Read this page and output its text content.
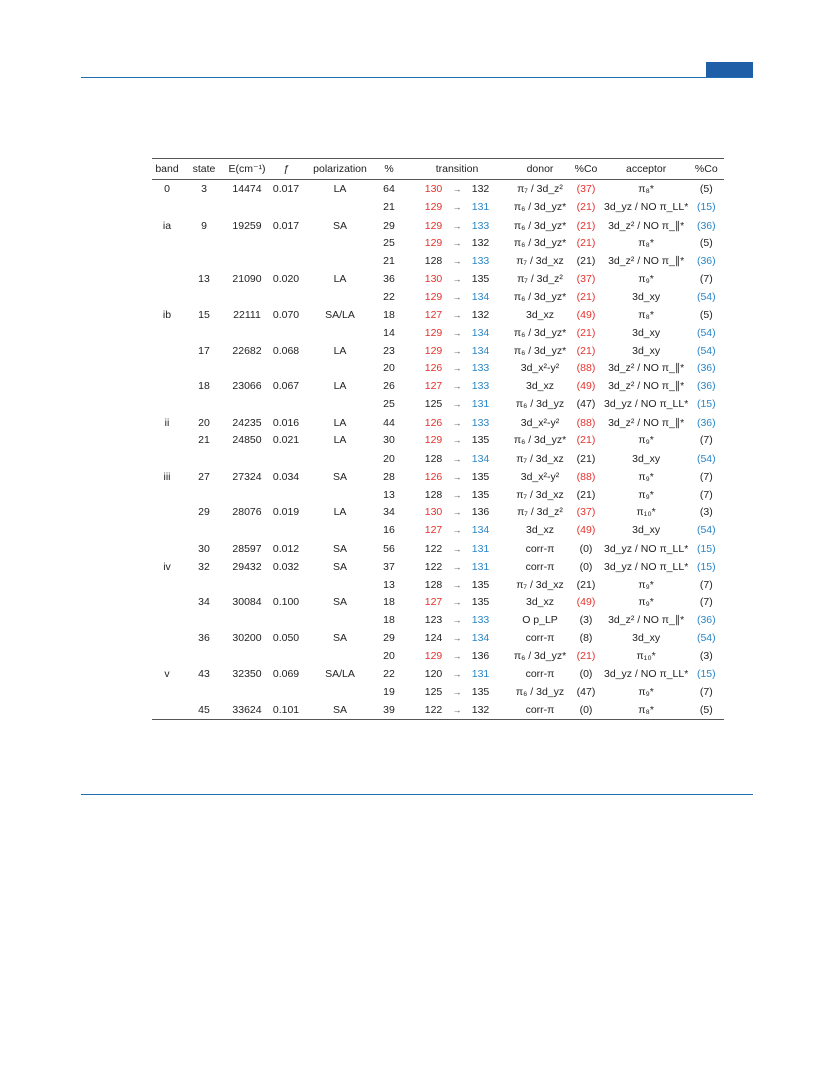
band	state	E(cm⁻¹)	ƒ	polarization	%	transition	donor	%Co	acceptor	%Co
0	3	14474	0.017	LA	64	130 → 132	π₇ / 3d_z²	(37)	π₈*	(5)
					21	129 → 131	π₆ / 3d_yz*	(21)	3d_yz / NO π_LL*	(15)
ia	9	19259	0.017	SA	29	129 → 133	π₆ / 3d_yz*	(21)	3d_z² / NO π_∥*	(36)
					25	129 → 132	π₆ / 3d_yz*	(21)	π₈*	(5)
					21	128 → 133	π₇ / 3d_xz	(21)	3d_z² / NO π_∥*	(36)
	13	21090	0.020	LA	36	130 → 135	π₇ / 3d_z²	(37)	π₉*	(7)
					22	129 → 134	π₆ / 3d_yz*	(21)	3d_xy	(54)
ib	15	22111	0.070	SA/LA	18	127 → 132	3d_xz	(49)	π₈*	(5)
					14	129 → 134	π₆ / 3d_yz*	(21)	3d_xy	(54)
	17	22682	0.068	LA	23	129 → 134	π₆ / 3d_yz*	(21)	3d_xy	(54)
					20	126 → 133	3d_x²-y²	(88)	3d_z² / NO π_∥*	(36)
	18	23066	0.067	LA	26	127 → 133	3d_xz	(49)	3d_z² / NO π_∥*	(36)
					25	125 → 131	π₆ / 3d_yz	(47)	3d_yz / NO π_LL*	(15)
ii	20	24235	0.016	LA	44	126 → 133	3d_x²-y²	(88)	3d_z² / NO π_∥*	(36)
	21	24850	0.021	LA	30	129 → 135	π₆ / 3d_yz*	(21)	π₉*	(7)
					20	128 → 134	π₇ / 3d_xz	(21)	3d_xy	(54)
iii	27	27324	0.034	SA	28	126 → 135	3d_x²-y²	(88)	π₉*	(7)
					13	128 → 135	π₇ / 3d_xz	(21)	π₉*	(7)
	29	28076	0.019	LA	34	130 → 136	π₇ / 3d_z²	(37)	π₁₀*	(3)
					16	127 → 134	3d_xz	(49)	3d_xy	(54)
	30	28597	0.012	SA	56	122 → 131	corr-π	(0)	3d_yz / NO π_LL*	(15)
iv	32	29432	0.032	SA	37	122 → 131	corr-π	(0)	3d_yz / NO π_LL*	(15)
					13	128 → 135	π₇ / 3d_xz	(21)	π₉*	(7)
	34	30084	0.100	SA	18	127 → 135	3d_xz	(49)	π₉*	(7)
					18	123 → 133	O p_LP	(3)	3d_z² / NO π_∥*	(36)
	36	30200	0.050	SA	29	124 → 134	corr-π	(8)	3d_xy	(54)
					20	129 → 136	π₆ / 3d_yz*	(21)	π₁₀*	(3)
v	43	32350	0.069	SA/LA	22	120 → 131	corr-π	(0)	3d_yz / NO π_LL*	(15)
					19	125 → 135	π₆ / 3d_yz	(47)	π₉*	(7)
	45	33624	0.101	SA	39	122 → 132	corr-π	(0)	π₈*	(5)
